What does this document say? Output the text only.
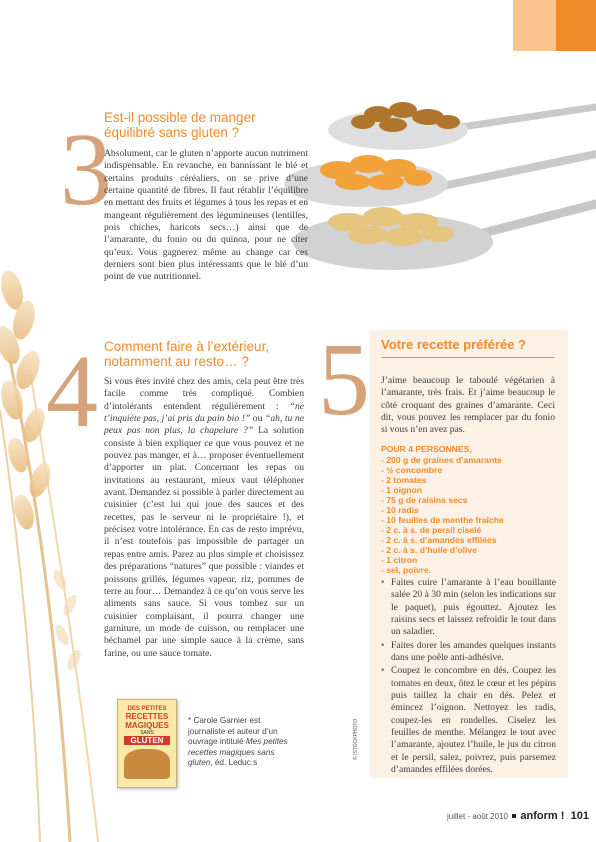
3
Est-il possible de manger
équilibré sans gluten ?

Absolument, car le gluten n’apporte aucun nutriment indispensable. En revanche, en bannissant le blé et certains produits céréaliers, on se prive d’une certaine quantité de fibres. Il faut rétablir l’équilibre en mettant des fruits et légumes à tous les repas et en mangeant régulièrement des légumineuses (lentilles, pois chiches, haricots secs…) ainsi que de l’amarante, du fonio ou du quinoa, pour ne citer qu’eux. Vous gagnerez même au change car ces derniers sont bien plus intéressants que le blé d’un point de vue nutritionnel.

4 Comment faire à l’extérieur,
notamment au resto… ?

Si vous êtes invité chez des amis, cela peut être très facile comme très compliqué. Combien d’intolérants entendent régulièrement : “ne t’inquiète pas, j’ai pris du pain bio !” ou “ah, tu ne peux pas non plus, la chapelure ?” La solution consiste à bien expliquer ce que vous pouvez et ne pouvez pas manger, et à… proposer éventuellement d’apporter un plat. Concernant les repas ou invitations au restaurant, mieux vaut téléphoner avant. Demandez si possible à parler directement au cuisinier (c’est lui qui joue des sauces et des recettes, pas le serveur ni le propriétaire !), et précisez votre intolérance. En cas de resto imprévu, il n’est toutefois pas impossible de partager un repas entre amis. Parez au plus simple et choisissez des préparations “natures” que possible : viandes et poissons grillés, légumes vapeur, riz, pommes de terre au four… Demandez à ce qu’on vous serve les aliments sans sauce. Si vous tombez sur un cuisinier complaisant, il pourra changer une garniture, un mode de cuisson, ou remplacer une béchamel par une simple sauce à la crème, sans farine, ou une sauce tomate.

DES PETITES
RECETTES
MAGIQUES
SANS
GLUTEN

* Carole Garnier est journaliste et auteur d’un ouvrage intitulé Mes petites recettes magiques sans gluten, éd. Leduc.s

© ISTOCKPHOTO
5 Votre recette préférée ?

J’aime beaucoup le taboulé végétarien à l’amarante, très frais. Et j’aime beaucoup le côté croquant des graines d’amarante. Ceci dit, vous pouvez les remplacer par du fonio si vous n’en avez pas.

POUR 4 PERSONNES,
- 200 g de graines d’amarante
- ½ concombre
- 2 tomates
- 1 oignon
- 75 g de raisins secs
- 10 radis
- 10 feuilles de menthe fraîche
- 2 c. à s. de persil ciselé
- 2 c. à s. d’amandes effilées
- 2 c. à s. d’huile d’olive
- 1 citron
- sel, poivre.
• Faites cuire l’amarante à l’eau bouillante salée 20 à 30 min (selon les indications sur le paquet), puis égouttez. Ajoutez les raisins secs et laissez refroidir le tout dans un saladier.
• Faites dorer les amandes quelques instants dans une poêle anti-adhésive.
• Coupez le concombre en dés. Coupez les tomates en deux, ôtez le cœur et les pépins puis taillez la chair en dés. Pelez et émincez l’oignon. Nettoyez les radis, coupez-les en rondelles. Ciselez les feuilles de menthe. Mélangez le tout avec l’amarante, ajoutez l’huile, le jus du citron et le persil, salez, poivrez, puis parsemez d’amandes effilées dorées.
juillet - août 2010 anform ! 101
